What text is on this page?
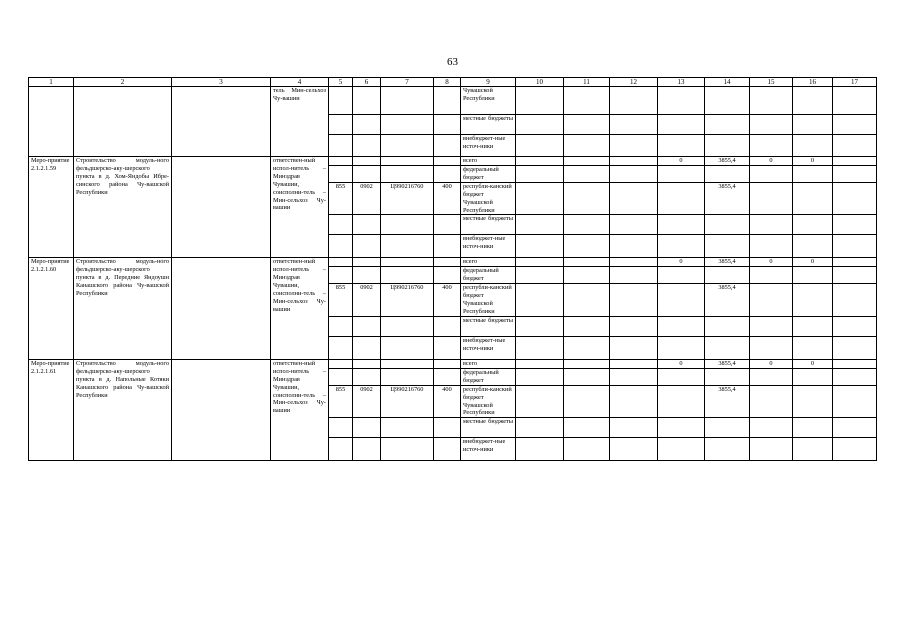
63
1	2	3	4	5	6	7	8	9	10	11	12	13	14	15	16	17
			тель Мин-сельхоз Чу-вашии					Чувашской Республики								
								местные бюджеты								
								внебюджет-ные источ-ники								
Меро-приятие 2.1.2.1.59	Строительство модуль-ного фельдшерско-аку-шерского пункта в д. Хом-Яндобы Ибре-синского района Чу-вашской Республики		ответствен-ный испол-нитель – Минздрав Чувашии, соисполни-тель – Мин-сельхоз Чу-вашии					всего				0	3855,4	0	0	
								федеральный бюджет								
				855	0902	Ц990216760	400	республи-канский бюджет Чувашской Республики					3855,4			
								местные бюджеты								
								внебюджет-ные источ-ники								
Меро-приятие 2.1.2.1.60	Строительство модуль-ного фельдшерско-аку-шерского пункта в д. Передние Яндоушн Канашского района Чу-вашской Республики		ответствен-ный испол-нитель – Минздрав Чувашии, соисполни-тель – Мин-сельхоз Чу-вашии					всего				0	3855,4	0	0	
								федеральный бюджет								
				855	0902	Ц990216760	400	республи-канский бюджет Чувашской Республики					3855,4			
								местные бюджеты								
								внебюджет-ные источ-ники								
Меро-приятие 2.1.2.1.61	Строительство модуль-ного фельдшерско-аку-шерского пункта в д. Напольные Котяки Канашского района Чу-вашской Республики		ответствен-ный испол-нитель – Минздрав Чувашии, соисполни-тель – Мин-сельхоз Чу-вашии					всего				0	3855,4	0	0	
								федеральный бюджет								
				855	0902	Ц990216760	400	республи-канский бюджет Чувашской Республики					3855,4			
								местные бюджеты								
								внебюджет-ные источ-ники								
